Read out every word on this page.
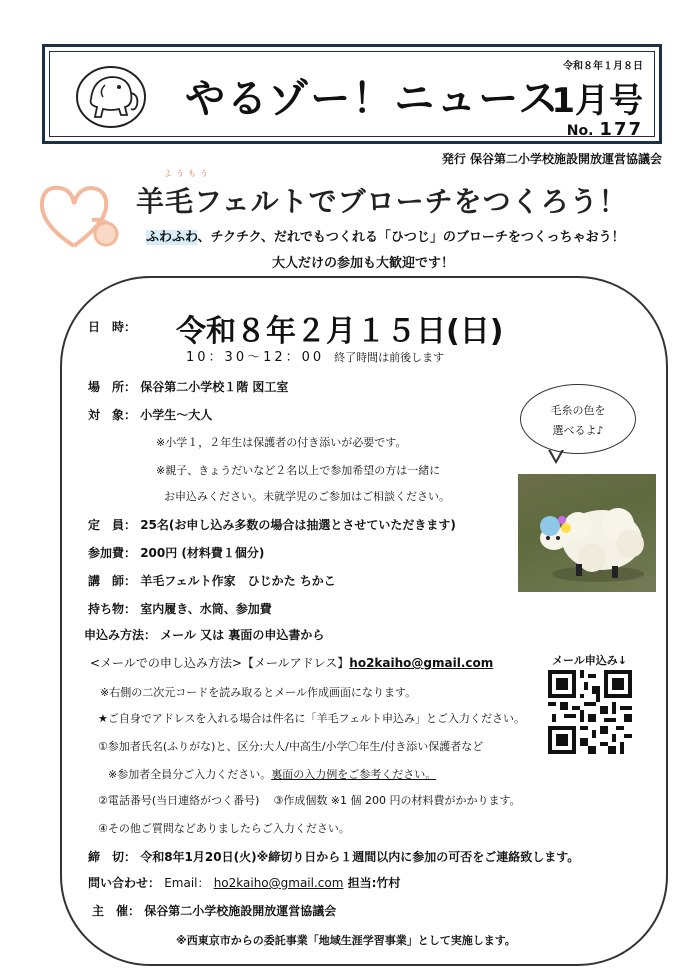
やるゾー！ニュース
令和８年１月８日
1月号
No. 177
発行 保谷第二小学校施設開放運営協議会
ようもう
羊毛フェルトでブローチをつくろう！
ふわふわ、チクチク、だれでもつくれる「ひつじ」のブローチをつくっちゃおう！
大人だけの参加も大歓迎です！
日　時： 令和８年２月１５日(日)
10：30〜12：00 終了時間は前後します
場　所： 保谷第二小学校１階 図工室
対　象： 小学生〜大人
※小学１，２年生は保護者の付き添いが必要です。
※親子、きょうだいなど２名以上で参加希望の方は一緒に
お申込みください。未就学児のご参加はご相談ください。
定　員： 25名(お申し込み多数の場合は抽選とさせていただきます)
参加費： 200円 (材料費１個分)
講　師： 羊毛フェルト作家　ひじかた ちかこ
持ち物： 室内履き、水筒、参加費
申込み方法： メール 又は 裏面の申込書から
毛糸の色を
選べるよ♪
<メールでの申し込み方法>【メールアドレス】ho2kaiho@gmail.com	メール申込み↓
※右側の二次元コードを読み取るとメール作成画面になります。
★ご自身でアドレスを入れる場合は件名に「羊毛フェルト申込み」とご入力ください。
①参加者氏名(ふりがな)と、区分:大人/中高生/小学〇年生/付き添い保護者など
※参加者全員分ご入力ください。裏面の入力例をご参考ください。
②電話番号(当日連絡がつく番号) ③作成個数 ※1 個 200 円の材料費がかかります。
④その他ご質問などありましたらご入力ください。
締　切： 令和8年1月20日(火)※締切り日から１週間以内に参加の可否をご連絡致します。
問い合わせ： Email： ho2kaiho@gmail.com 担当:竹村
主　催： 保谷第二小学校施設開放運営協議会
※西東京市からの委託事業「地域生涯学習事業」として実施します。
